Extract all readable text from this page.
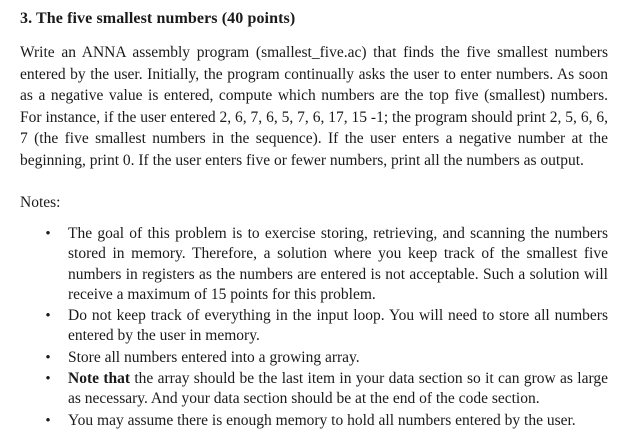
3. The five smallest numbers (40 points)

Write an ANNA assembly program (smallest_five.ac) that finds the five smallest numbers entered by the user. Initially, the program continually asks the user to enter numbers. As soon as a negative value is entered, compute which numbers are the top five (smallest) numbers. For instance, if the user entered 2, 6, 7, 6, 5, 7, 6, 17, 15 -1; the program should print 2, 5, 6, 6, 7 (the five smallest numbers in the sequence). If the user enters a negative number at the beginning, print 0. If the user enters five or fewer numbers, print all the numbers as output.

Notes:

• The goal of this problem is to exercise storing, retrieving, and scanning the numbers stored in memory. Therefore, a solution where you keep track of the smallest five numbers in registers as the numbers are entered is not acceptable. Such a solution will receive a maximum of 15 points for this problem.
• Do not keep track of everything in the input loop. You will need to store all numbers entered by the user in memory.
• Store all numbers entered into a growing array.
• Note that the array should be the last item in your data section so it can grow as large as necessary. And your data section should be at the end of the code section.
• You may assume there is enough memory to hold all numbers entered by the user.
